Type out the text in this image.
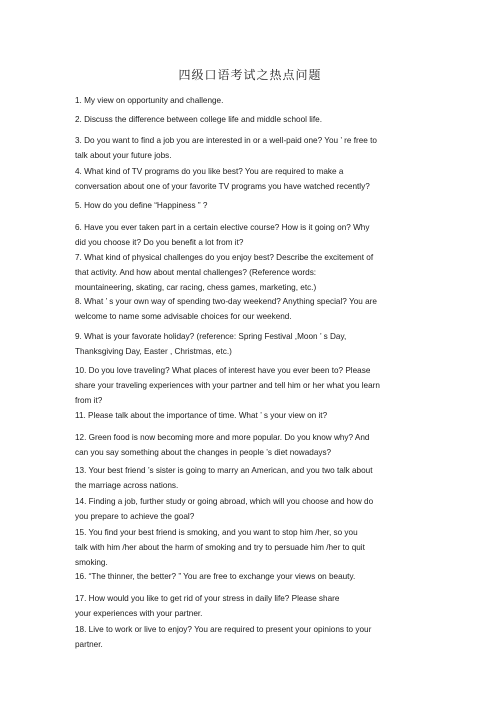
四级口语考试之热点问题
1. My view on opportunity and challenge.
2. Discuss the difference between college life and middle school life.
3. Do you want to find a job you are interested in or a well-paid one? You ’ re free to
talk about your future jobs.
4. What kind of TV programs do you like best? You are required to make a
conversation about one of your favorite TV programs you have watched recently?
5. How do you define “Happiness ” ?
6. Have you ever taken part in a certain elective course? How is it going on? Why
did you choose it? Do you benefit a lot from it?
7. What kind of physical challenges do you enjoy best? Describe the excitement of
that activity. And how about mental challenges? (Reference words:
mountaineering, skating, car racing, chess games, marketing, etc.)
8. What ’ s your own way of spending two-day weekend? Anything special? You are
welcome to name some advisable choices for our weekend.
9. What is your favorate holiday? (reference: Spring Festival ,Moon ’ s Day,
Thanksgiving Day, Easter , Christmas, etc.)
10. Do you love traveling? What places of interest have you ever been to? Please
share your traveling experiences with your partner and tell him or her what you learn
from it?
11. Please talk about the importance of time. What ’ s your view on it?
12. Green food is now becoming more and more popular. Do you know why? And
can you say something about the changes in people ’s diet nowadays?
13. Your best friend ’s sister is going to marry an American, and you two talk about
the marriage across nations.
14. Finding a job, further study or going abroad, which will you choose and how do
you prepare to achieve the goal?
15. You find your best friend is smoking, and you want to stop him /her, so you
talk with him /her about the harm of smoking and try to persuade him /her to quit
smoking.
16. “The thinner, the better? ” You are free to exchange your views on beauty.
17. How would you like to get rid of your stress in daily life? Please share
your experiences with your partner.
18. Live to work or live to enjoy? You are required to present your opinions to your
partner.
